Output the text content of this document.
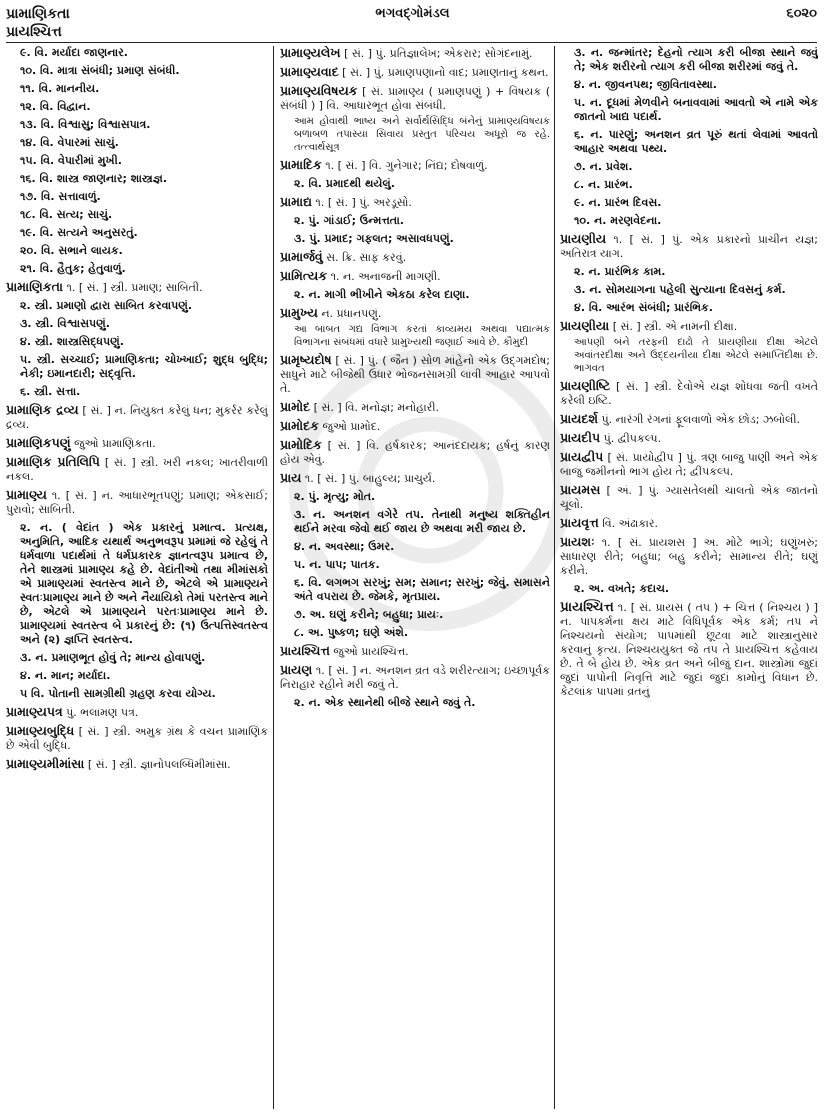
પ્રામાણિકતા
પ્રાયશ્ચિત્ત
ભગવદ્ગોમંડલ	૬૦૨૦
૯. વિ. મર્યાદા જાણનાર.
૧૦. વિ. માત્રા સંબંધી; પ્રમાણ સંબંધી.
૧૧. વિ. માનનીય.
૧૨. વિ. વિદ્વાન.
૧૩. વિ. વિશ્વાસુ; વિશ્વાસપાત્ર.
૧૪. વિ. વેપારમાં સાચું.
૧૫. વિ. વેપારીમાં મુખી.
૧૬. વિ. શાસ્ત્ર જાણનાર; શાસ્ત્રજ્ઞ.
૧૭. વિ. સત્તાવાળું.
૧૮. વિ. સત્ય; સાચું.
૧૯. વિ. સત્યને અનુસરતું.
૨૦. વિ. સભાને લાયક.
૨૧. વિ. હૈતુક; હેતુવાળું.
પ્રામાણિકતા ૧. [ સં. ] સ્ત્રી. પ્રમાણ; સાબિતી.
૨. સ્ત્રી. પ્રમાણો દ્વારા સાબિત કરવાપણું.
૩. સ્ત્રી. વિશ્વાસપણું.
૪. સ્ત્રી. શાસ્ત્રસિદ્ધપણું.
૫. સ્ત્રી. સચ્ચાઈ; પ્રામાણિકતા; ચોખ્ખાઈ; શુદ્ધ બુદ્ધિ; નેકી; ઇમાનદારી; સદ્‌વૃત્તિ.
૬. સ્ત્રી. સત્તા.
પ્રામાણિક દ્રવ્ય [ સં. ] ન. નિયુક્ત કરેલું ધન; મુકર્રર કરેલું દ્રવ્ય.
પ્રામાણિકપણું જુઓ પ્રામાણિકતા.
પ્રામાણિક પ્રતિલિપિ [ સં. ] સ્ત્રી. ખરી નકલ; ખાતરીવાળી નકલ.
પ્રામાણ્ય ૧. [ સં. ] ન. આધારભૂતપણું; પ્રમાણ; એકસાઈ; પુરાવો; સાબિતી.
૨. ન. ( વેદાંત ) એક પ્રકારનું પ્રમાત્વ. પ્રત્યક્ષ, અનુમિતિ, આદિક યથાર્થ અનુભવરૂપ પ્રમામાં જે રહેલું તે ધર્મવાળા પદાર્થમાં તે ધર્મપ્રકારક જ્ઞાનત્વરૂપ પ્રમાત્વ છે, તેને શાસ્ત્રમાં પ્રામાણ્ય કહે છે. વેદાંતીઓ તથા મીમાંસકો એ પ્રામાણ્યમાં સ્વતસ્ત્વ માને છે, એટલે એ પ્રામાણ્યને સ્વતઃપ્રામાણ્ય માને છે અને નૈયાયિકો તેમાં પરતસ્ત્વ માને છે, એટલે એ પ્રામાણ્યને પરતઃપ્રામાણ્ય માને છે. પ્રામાણ્યમાં સ્વતસ્ત્વ બે પ્રકારનું છે: (૧) ઉત્પત્તિસ્વતસ્ત્વ અને (૨) જ્ઞપ્તિ સ્વતસ્ત્વ.
૩. ન. પ્રમાણભૂત હોવું તે; માન્ય હોવાપણું.
૪. ન. માન; મર્યાદા.
૫ વિ. પોતાની સામગ્રીથી ગ્રહણ કરવા યોગ્ય.
પ્રામાણ્યપત્ર પું. ભલામણ પત્ર.
પ્રામાણ્યબુદ્ધિ [ સં. ] સ્ત્રી. અમુક ગ્રંથ કે વચન પ્રામાણિક છે એવી બુદ્ધિ.
પ્રામાણ્યમીમાંસા [ સં. ] સ્ત્રી. જ્ઞાનોપલબ્ધિમીમાંસા.
પ્રામાણ્યલેખ [ સં. ] પું. પ્રતિજ્ઞાલેખ; એકરાર; સોગંદનામું.
પ્રામાણ્યવાદ [ સં. ] પું. પ્રમાણપણાનો વાદ; પ્રમાણતાનું કથન.
પ્રામાણ્યવિષયક [ સં. પ્રામાણ્ય ( પ્રમાણપણું ) + વિષયક ( સંબંધી ) ] વિ. આધારભૂત હોવા સંબંધી.
આમ હોવાથી ભાષ્ય અને સર્વાર્થસિદ્ધિ બંનેનું પ્રામાણ્યવિષયક બળાબળ તપાસ્યા સિવાય પ્રસ્તુત પરિચય અધૂરો જ રહે. તત્ત્વાર્થસૂત્ર
પ્રામાદિક ૧. [ સં. ] વિ. ગુનેગાર; નિંદ્ય; દોષવાળું.
૨. વિ. પ્રમાદથી થયેલું.
પ્રામાદ્ય ૧. [ સં. ] પું. અરડૂસો.
૨. પું. ગાંડાઈ; ઉન્મત્તતા.
૩. પું. પ્રમાદ; ગફલત; અસાવધપણું.
પ્રામાર્જવું સ. ક્રિ. સાફ કરવું.
પ્રામિત્યક ૧. ન. અનાજની માગણી.
૨. ન. માગી ભીખીને એકઠા કરેલ દાણા.
પ્રામુખ્ય ન. પ્રધાનપણું.
આ બાબત ગદ્ય વિભાગ કરતાં કાવ્યમય અથવા પદ્યાત્મક વિભાગના સંબંધમાં વધારે પ્રામુખ્યથી જણાઈ આવે છે. કૌમુદી
પ્રામૃષ્યદોષ [ સં. ] પું. ( જૈન ) સોળ માંહેનો એક ઉદ્‌ગમદોષ; સાધુને માટે બીજેથી ઉધાર ભોજનસામગ્રી લાવી આહાર આપવો તે.
પ્રામોદ [ સં. ] વિ. મનોજ્ઞ; મનોહારી.
પ્રામોદક જુઓ પ્રામોદ.
પ્રામોદિક [ સં. ] વિ. હર્ષકારક; આનંદદાયક; હર્ષનું કારણ હોય એવું.
પ્રાય ૧. [ સં. ] પું. બાહુલ્ય; પ્રાચુર્ય.
૨. પું. મૃત્યુ; મોત.
૩. ન. અનશન વગેરે તપ. તેનાથી મનુષ્ય શક્તિહીન થઈને મરવા જેવો થઈ જાય છે અથવા મરી જાય છે.
૪. ન. અવસ્થા; ઉમર.
૫. ન. પાપ; પાતક.
૬. વિ. લગભગ સરખું; સમ; સમાન; સરખું; જેવું. સમાસને અંતે વપરાય છે. જેમકે, મૃતપ્રાય.
૭. અ. ઘણું કરીને; બહુધા; પ્રાયઃ.
૮. અ. પુષ્કળ; ઘણે અંશે.
પ્રાયશ્ચિત્ત જુઓ પ્રાયશ્ચિત્ત.
પ્રાયણ ૧. [ સં. ] ન. અનશન વ્રત વડે શરીરત્યાગ; ઇચ્છાપૂર્વક નિરાહાર રહીને મરી જવું તે.
૨. ન. એક સ્થાનેથી બીજે સ્થાને જવું તે.
૩. ન. જન્માંતર; દેહનો ત્યાગ કરી બીજા સ્થાને જવું તે; એક શરીરનો ત્યાગ કરી બીજા શરીરમાં જવું તે.
૪. ન. જીવનપથ; જીવિતાવસ્થા.
૫. ન. દૂધમાં મેળવીને બનાવવામાં આવતો એ નામે એક જાતનો ખાદ્ય પદાર્થ.
૬. ન. પારણું; અનશન વ્રત પૂરું થતાં લેવામાં આવતો આહાર અથવા પથ્ય.
૭. ન. પ્રવેશ.
૮. ન. પ્રારંભ.
૯. ન. પ્રારંભ દિવસ.
૧૦. ન. મરણવેદના.
પ્રાયણીય ૧. [ સં. ] પું. એક પ્રકારનો પ્રાચીન યજ્ઞ; અતિરાત્ર યાગ.
૨. ન. પ્રારંભિક કામ.
૩. ન. સોમયાગના પહેલી સુત્યાના દિવસનું કર્મ.
૪. વિ. આરંભ સંબંધી; પ્રારંભિક.
પ્રાયણીયા [ સં. ] સ્ત્રી. એ નામની દીક્ષા.
આપણી બંને તરફની દાઢો તે પ્રાયણીયા દીક્ષા એટલે અવાંતરદીક્ષા અને ઉદ્દયનીયા દીક્ષા એટલે સમાપ્તિદીક્ષા છે. ભાગવત
પ્રાયણીષ્ટિ [ સં. ] સ્ત્રી. દેવોએ યજ્ઞ શોધવા જતી વખતે કરેલી ઇષ્ટિ.
પ્રાયદર્શ પું. નારંગી રંગનાં ફૂલવાળો એક છોડ; ઝબોલી.
પ્રાયદીપ પું. દ્વીપકલ્પ.
પ્રાયદ્વીપ [ સં. પ્રાયોદ્વીપ ] પું. ત્રણ બાજુ પાણી અને એક બાજુ જમીનનો ભાગ હોય તે; દ્વીપકલ્પ.
પ્રાયમસ [ અં. ] પું. ગ્યાસતેલથી ચાલતો એક જાતનો ચૂલો.
પ્રાયવૃત્ત વિ. અંઢાકાર.
પ્રાયશઃ ૧. [ સં. પ્રાયશસ ] અ. મોટે ભાગે; ઘણુંખરું; સાધારણ રીતે; બહુધા; બહુ કરીને; સામાન્ય રીતે; ઘણું કરીને.
૨. અ. વખતે; કદાચ.
પ્રાયશ્ચિત્ત ૧. [ સં. પ્રાયસ ( તપ ) + ચિત્ત ( નિશ્ચય ) ] ન. પાપકર્મના ક્ષય માટે વિધિપૂર્વક એક કર્મ; તપ ને નિશ્ચયનો સંયોગ; પાપમાંથી છૂટવા માટે શાસ્ત્રાનુસાર કરવાનું કૃત્ય. નિશ્ચયયુક્ત જે તપ તે પ્રાયશ્ચિત્ત કહેવાય છે. તે બે હોય છે. એક વ્રત અને બીજું દાન. શાસ્ત્રોમાં જુદાં જુદાં પાપોની નિવૃત્તિ માટે જુદાં જુદાં કામોનું વિધાન છે. કેટલાંક પાપમાં વ્રતનું
